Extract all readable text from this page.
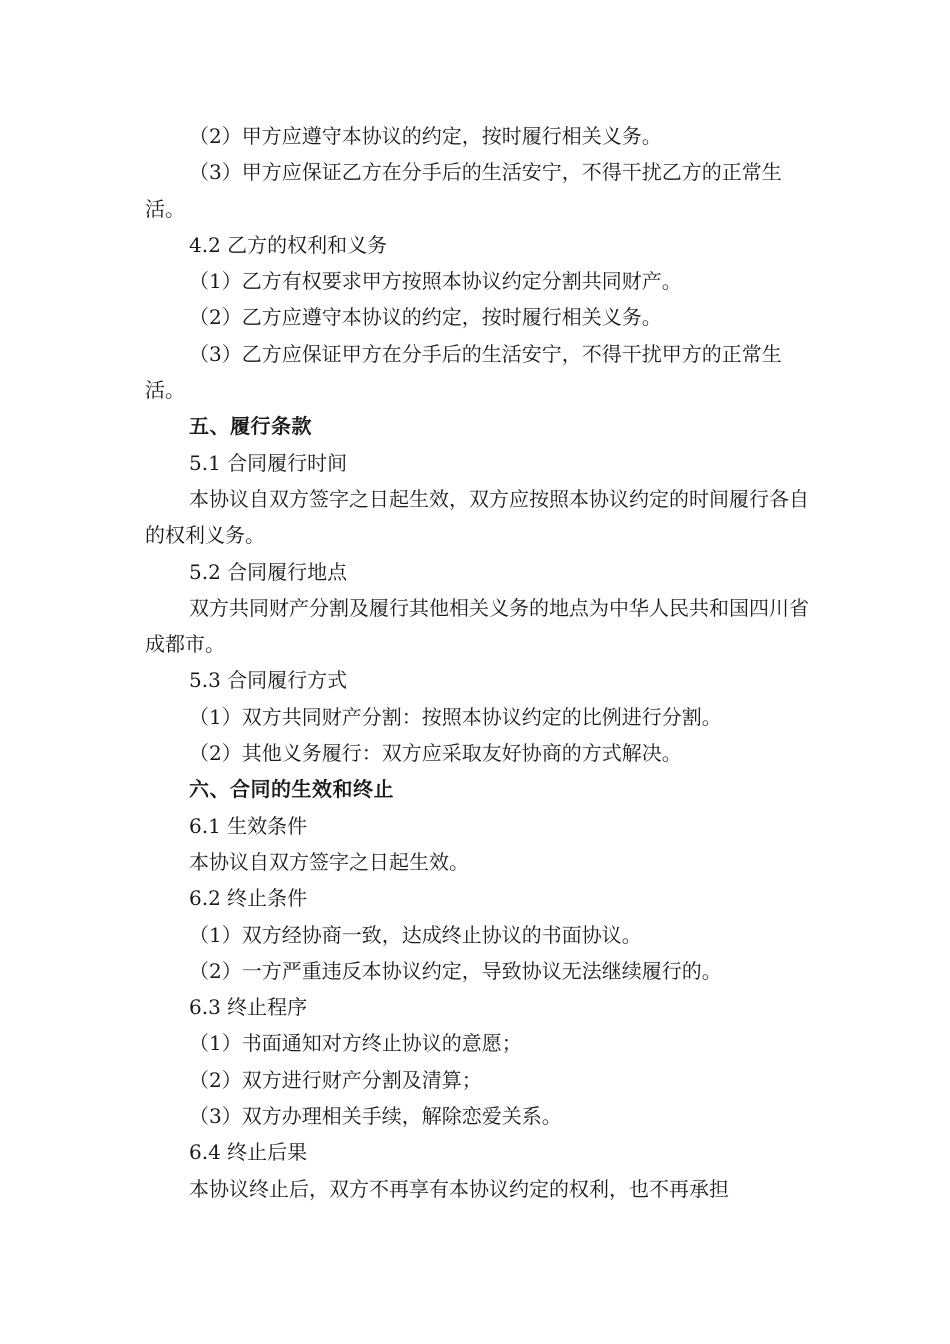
（2）甲方应遵守本协议的约定，按时履行相关义务。

（3）甲方应保证乙方在分手后的生活安宁，不得干扰乙方的正常生活。

4.2 乙方的权利和义务

（1）乙方有权要求甲方按照本协议约定分割共同财产。

（2）乙方应遵守本协议的约定，按时履行相关义务。

（3）乙方应保证甲方在分手后的生活安宁，不得干扰甲方的正常生活。

五、履行条款

5.1 合同履行时间

本协议自双方签字之日起生效，双方应按照本协议约定的时间履行各自的权利义务。

5.2 合同履行地点

双方共同财产分割及履行其他相关义务的地点为中华人民共和国四川省成都市。

5.3 合同履行方式

（1）双方共同财产分割：按照本协议约定的比例进行分割。

（2）其他义务履行：双方应采取友好协商的方式解决。

六、合同的生效和终止

6.1 生效条件

本协议自双方签字之日起生效。

6.2 终止条件

（1）双方经协商一致，达成终止协议的书面协议。

（2）一方严重违反本协议约定，导致协议无法继续履行的。

6.3 终止程序

（1）书面通知对方终止协议的意愿；

（2）双方进行财产分割及清算；

（3）双方办理相关手续，解除恋爱关系。

6.4 终止后果

本协议终止后，双方不再享有本协议约定的权利，也不再承担
